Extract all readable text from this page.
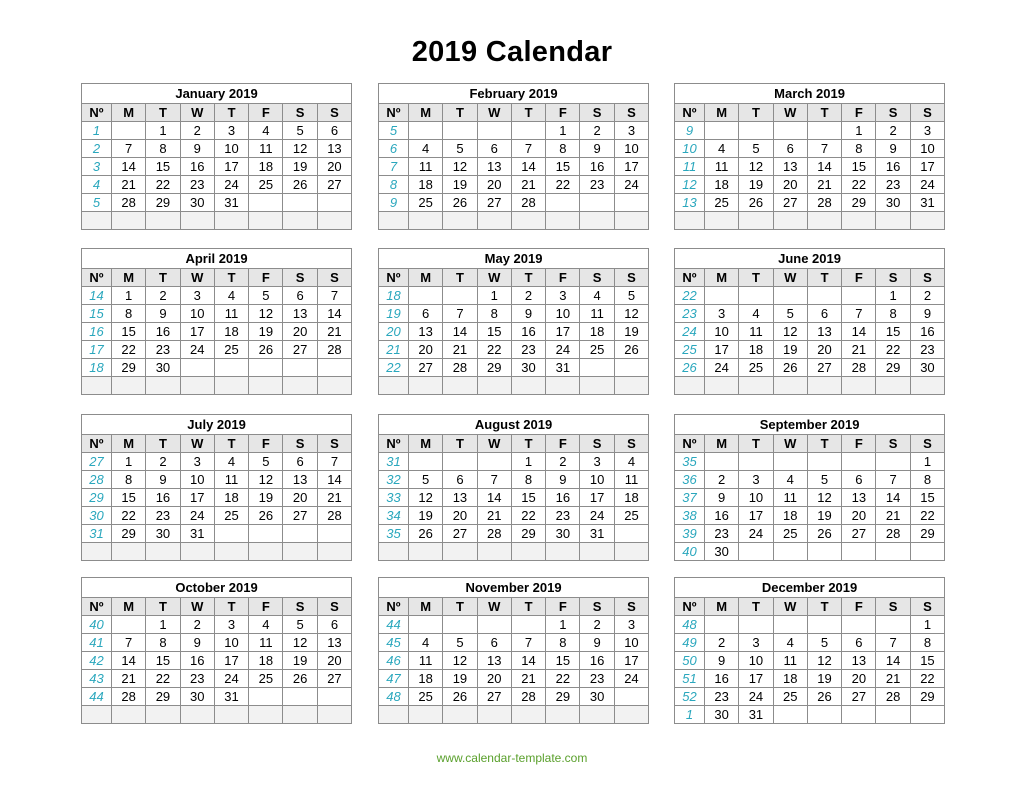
2019 Calendar
January 2019							
Nº	M	T	W	T	F	S	S
1		1	2	3	4	5	6
2	7	8	9	10	11	12	13
3	14	15	16	17	18	19	20
4	21	22	23	24	25	26	27
5	28	29	30	31			

February 2019							
Nº	M	T	W	T	F	S	S
5					1	2	3
6	4	5	6	7	8	9	10
7	11	12	13	14	15	16	17
8	18	19	20	21	22	23	24
9	25	26	27	28			

March 2019							
Nº	M	T	W	T	F	S	S
9					1	2	3
10	4	5	6	7	8	9	10
11	11	12	13	14	15	16	17
12	18	19	20	21	22	23	24
13	25	26	27	28	29	30	31

April 2019							
Nº	M	T	W	T	F	S	S
14	1	2	3	4	5	6	7
15	8	9	10	11	12	13	14
16	15	16	17	18	19	20	21
17	22	23	24	25	26	27	28
18	29	30					

May 2019							
Nº	M	T	W	T	F	S	S
18			1	2	3	4	5
19	6	7	8	9	10	11	12
20	13	14	15	16	17	18	19
21	20	21	22	23	24	25	26
22	27	28	29	30	31		

June 2019							
Nº	M	T	W	T	F	S	S
22						1	2
23	3	4	5	6	7	8	9
24	10	11	12	13	14	15	16
25	17	18	19	20	21	22	23
26	24	25	26	27	28	29	30

July 2019							
Nº	M	T	W	T	F	S	S
27	1	2	3	4	5	6	7
28	8	9	10	11	12	13	14
29	15	16	17	18	19	20	21
30	22	23	24	25	26	27	28
31	29	30	31				

August 2019							
Nº	M	T	W	T	F	S	S
31				1	2	3	4
32	5	6	7	8	9	10	11
33	12	13	14	15	16	17	18
34	19	20	21	22	23	24	25
35	26	27	28	29	30	31	

September 2019							
Nº	M	T	W	T	F	S	S
35							1
36	2	3	4	5	6	7	8
37	9	10	11	12	13	14	15
38	16	17	18	19	20	21	22
39	23	24	25	26	27	28	29
40	30						
October 2019							
Nº	M	T	W	T	F	S	S
40		1	2	3	4	5	6
41	7	8	9	10	11	12	13
42	14	15	16	17	18	19	20
43	21	22	23	24	25	26	27
44	28	29	30	31			

November 2019							
Nº	M	T	W	T	F	S	S
44					1	2	3
45	4	5	6	7	8	9	10
46	11	12	13	14	15	16	17
47	18	19	20	21	22	23	24
48	25	26	27	28	29	30	

December 2019							
Nº	M	T	W	T	F	S	S
48							1
49	2	3	4	5	6	7	8
50	9	10	11	12	13	14	15
51	16	17	18	19	20	21	22
52	23	24	25	26	27	28	29
1	30	31					
www.calendar-template.com
